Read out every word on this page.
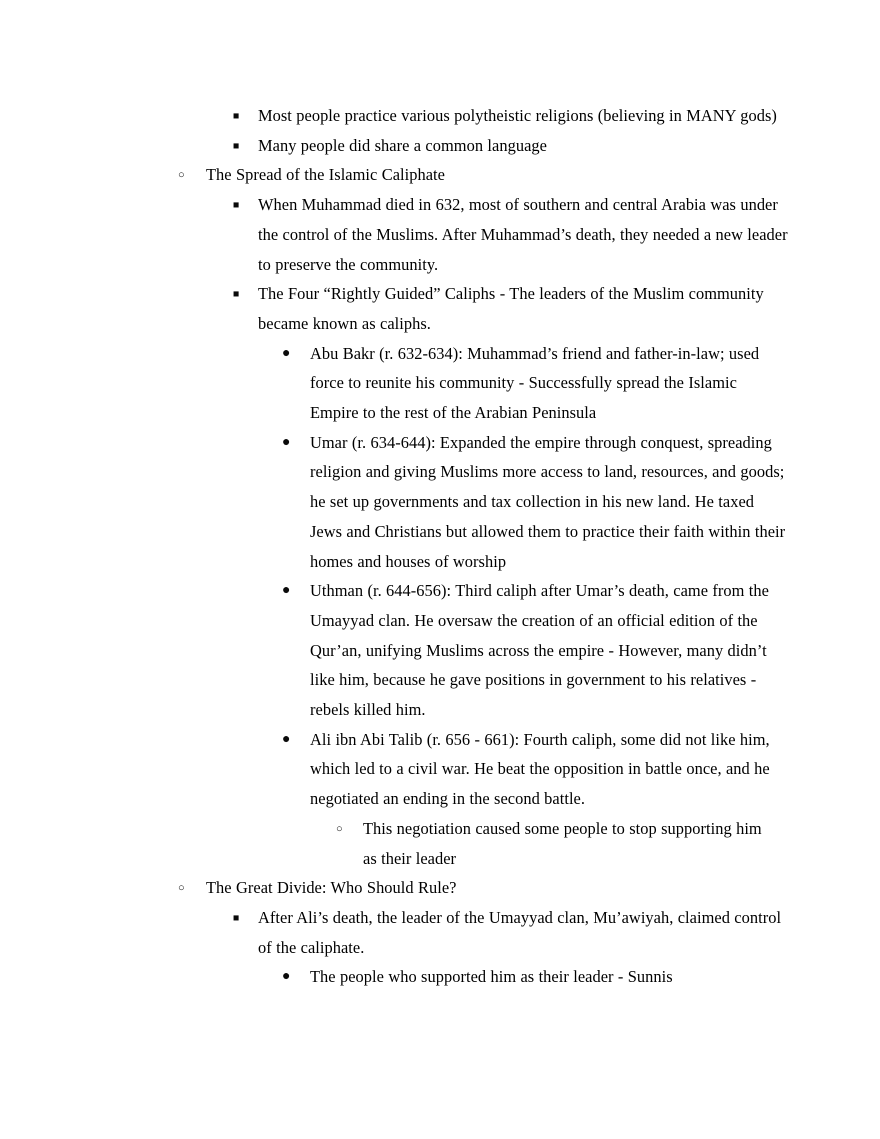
■ Most people practice various polytheistic religions (believing in MANY gods)
■ Many people did share a common language
○ The Spread of the Islamic Caliphate
■ When Muhammad died in 632, most of southern and central Arabia was under the control of the Muslims. After Muhammad’s death, they needed a new leader to preserve the community.
■ The Four “Rightly Guided” Caliphs - The leaders of the Muslim community became known as caliphs.
● Abu Bakr (r. 632-634): Muhammad’s friend and father-in-law; used force to reunite his community - Successfully spread the Islamic Empire to the rest of the Arabian Peninsula
● Umar (r. 634-644): Expanded the empire through conquest, spreading religion and giving Muslims more access to land, resources, and goods; he set up governments and tax collection in his new land. He taxed Jews and Christians but allowed them to practice their faith within their homes and houses of worship
● Uthman (r. 644-656): Third caliph after Umar’s death, came from the Umayyad clan. He oversaw the creation of an official edition of the Qur’an, unifying Muslims across the empire - However, many didn’t like him, because he gave positions in government to his relatives - rebels killed him.
● Ali ibn Abi Talib (r. 656 - 661): Fourth caliph, some did not like him, which led to a civil war. He beat the opposition in battle once, and he negotiated an ending in the second battle.
○ This negotiation caused some people to stop supporting him as their leader
○ The Great Divide: Who Should Rule?
■ After Ali’s death, the leader of the Umayyad clan, Mu’awiyah, claimed control of the caliphate.
● The people who supported him as their leader - Sunnis
